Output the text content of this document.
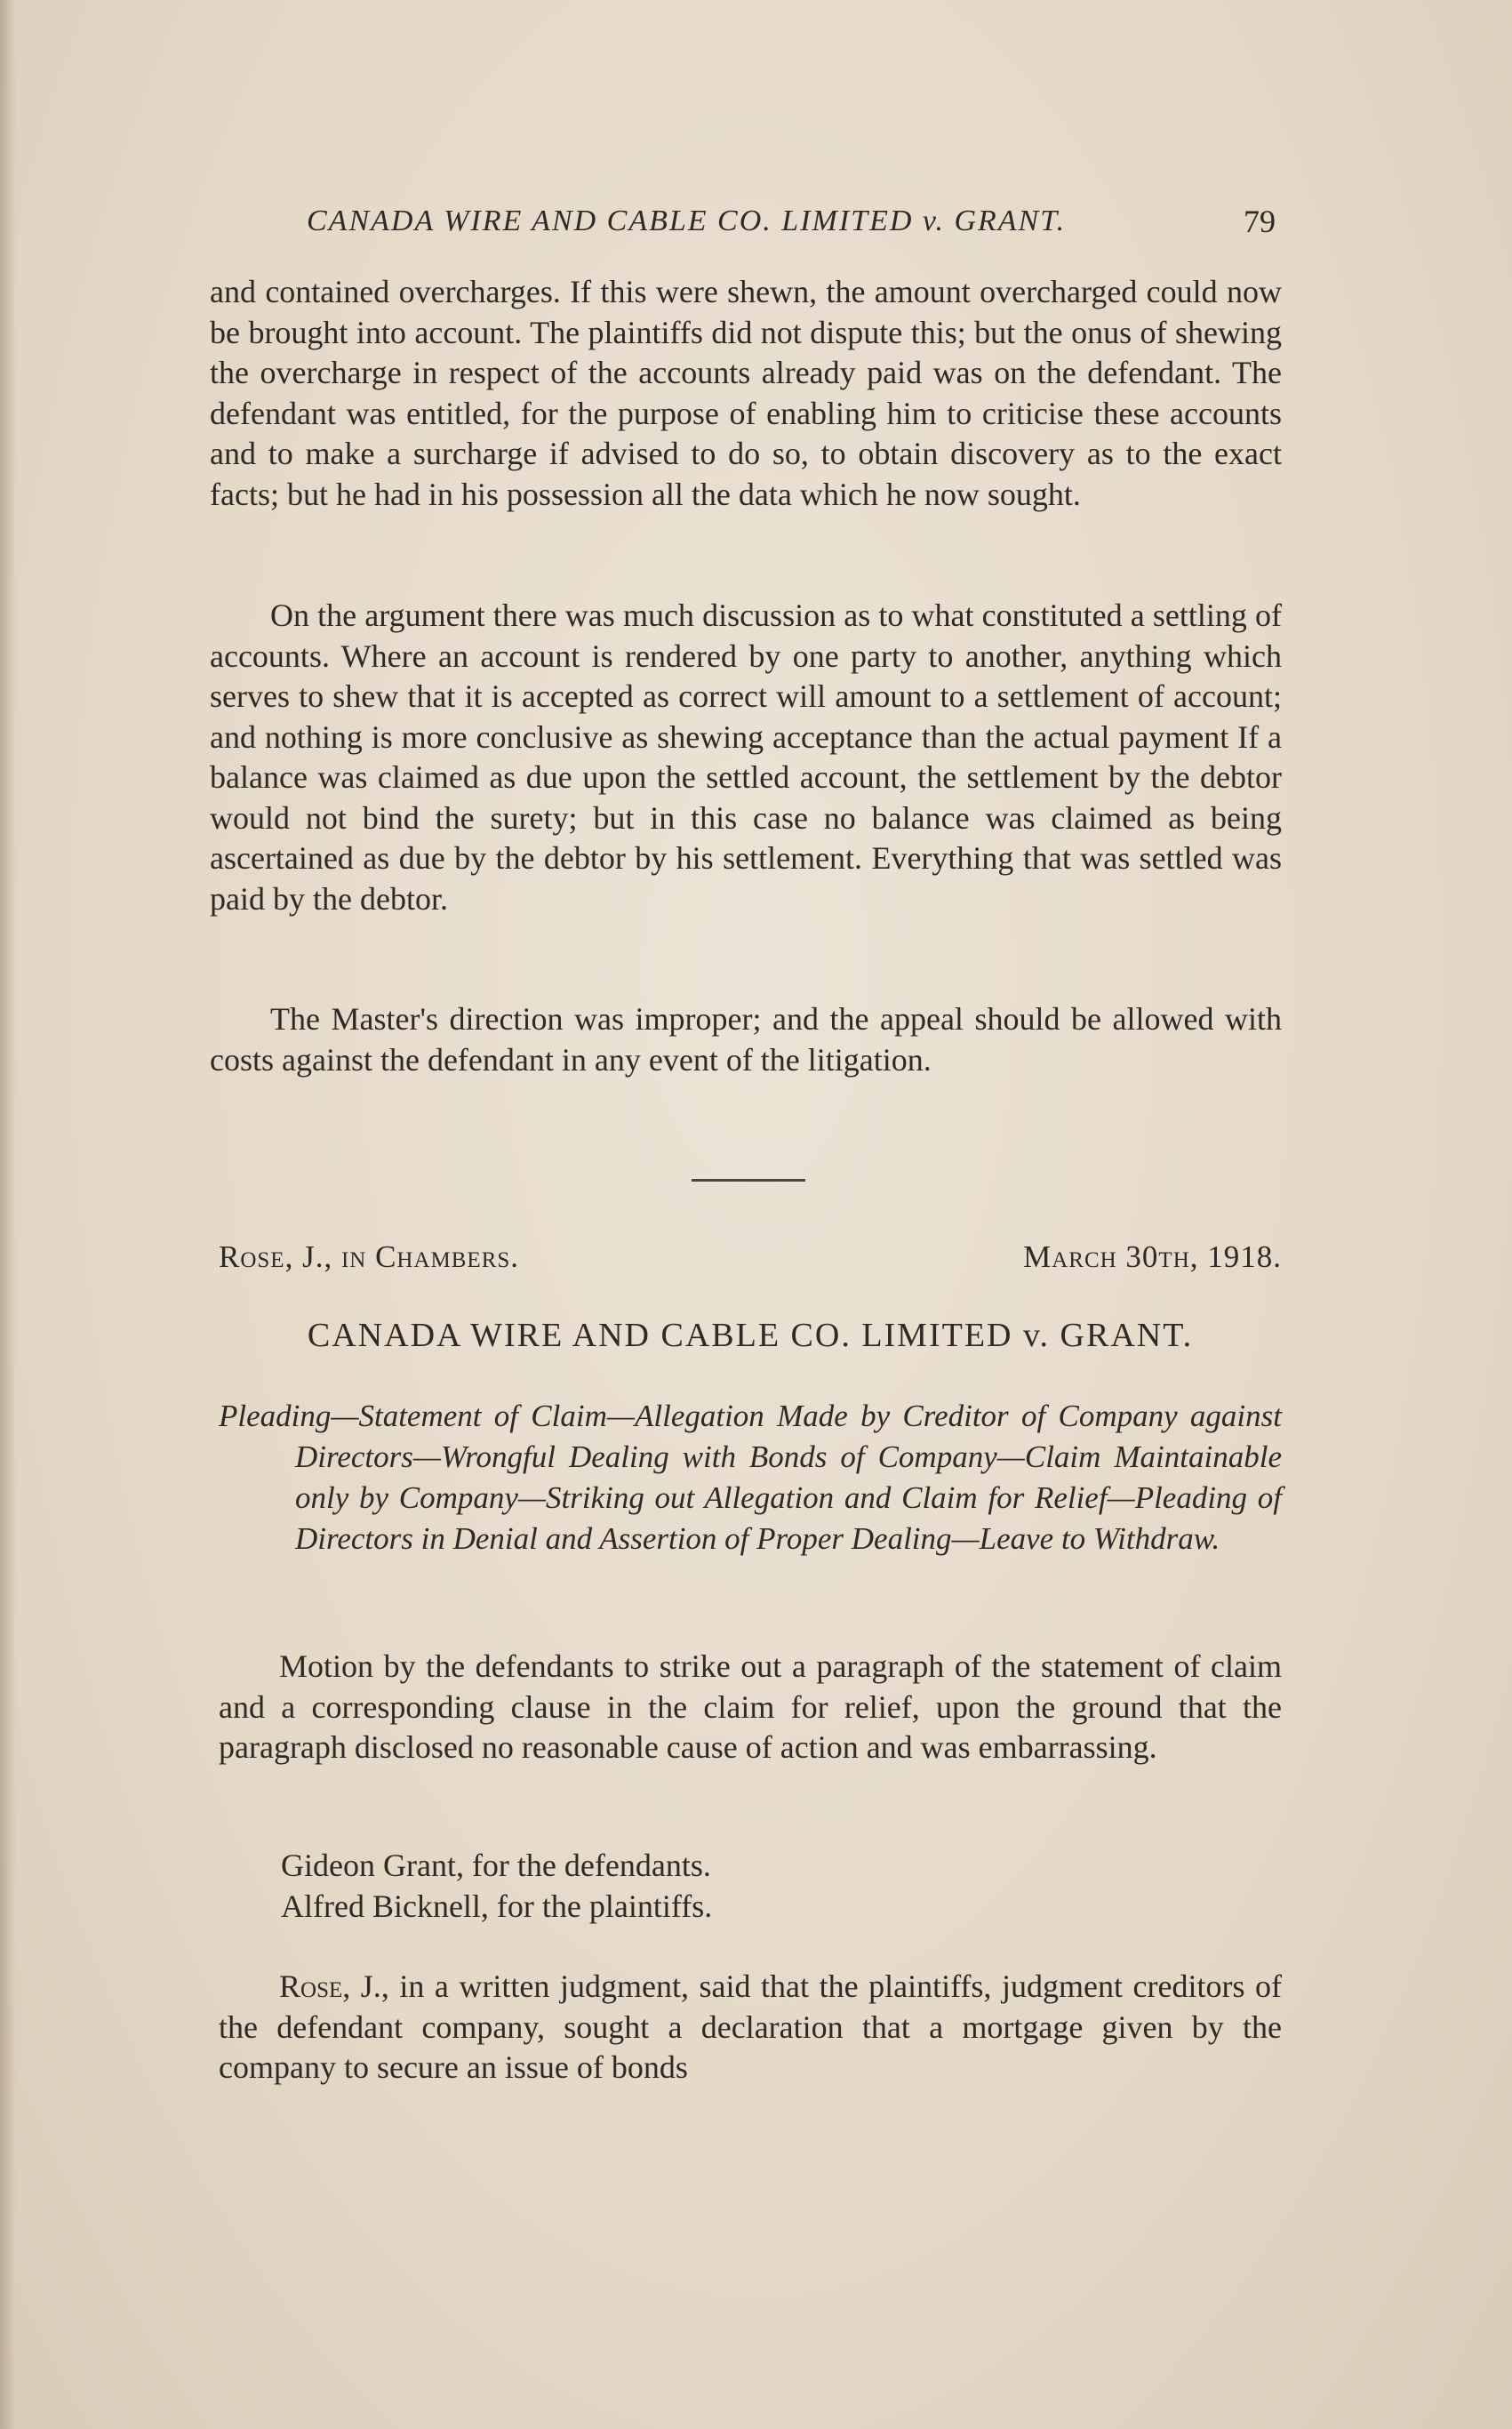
CANADA WIRE AND CABLE CO. LIMITED v. GRANT.	79

and contained overcharges. If this were shewn, the amount overcharged could now be brought into account. The plaintiffs did not dispute this; but the onus of shewing the overcharge in respect of the accounts already paid was on the defendant. The defendant was entitled, for the purpose of enabling him to criticise these accounts and to make a surcharge if advised to do so, to obtain discovery as to the exact facts; but he had in his possession all the data which he now sought.

On the argument there was much discussion as to what constituted a settling of accounts. Where an account is rendered by one party to another, anything which serves to shew that it is accepted as correct will amount to a settlement of account; and nothing is more conclusive as shewing acceptance than the actual payment If a balance was claimed as due upon the settled account, the settlement by the debtor would not bind the surety; but in this case no balance was claimed as being ascertained as due by the debtor by his settlement. Everything that was settled was paid by the debtor.

The Master's direction was improper; and the appeal should be allowed with costs against the defendant in any event of the litigation.

Rose, J., in Chambers.	March 30th, 1918.
CANADA WIRE AND CABLE CO. LIMITED v. GRANT.

Pleading—Statement of Claim—Allegation Made by Creditor of Company against Directors—Wrongful Dealing with Bonds of Company—Claim Maintainable only by Company—Striking out Allegation and Claim for Relief—Pleading of Directors in Denial and Assertion of Proper Dealing—Leave to Withdraw.

Motion by the defendants to strike out a paragraph of the statement of claim and a corresponding clause in the claim for relief, upon the ground that the paragraph disclosed no reasonable cause of action and was embarrassing.

Gideon Grant, for the defendants.
Alfred Bicknell, for the plaintiffs.

Rose, J., in a written judgment, said that the plaintiffs, judgment creditors of the defendant company, sought a declaration that a mortgage given by the company to secure an issue of bonds
